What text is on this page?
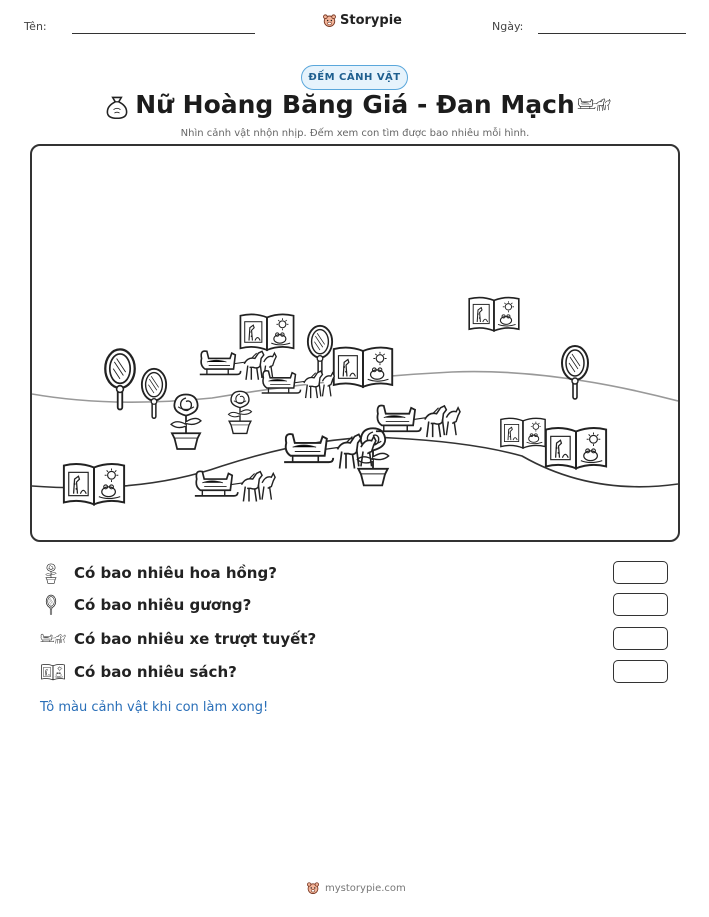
Tên:	Storypie	Ngày:
ĐẾM CẢNH VẬT
Nữ Hoàng Băng Giá - Đan Mạch
Nhìn cảnh vật nhộn nhịp. Đếm xem con tìm được bao nhiêu mỗi hình.
Có bao nhiêu hoa hồng?
Có bao nhiêu gương?
Có bao nhiêu xe trượt tuyết?
Có bao nhiêu sách?
Tô màu cảnh vật khi con làm xong!
mystorypie.com
